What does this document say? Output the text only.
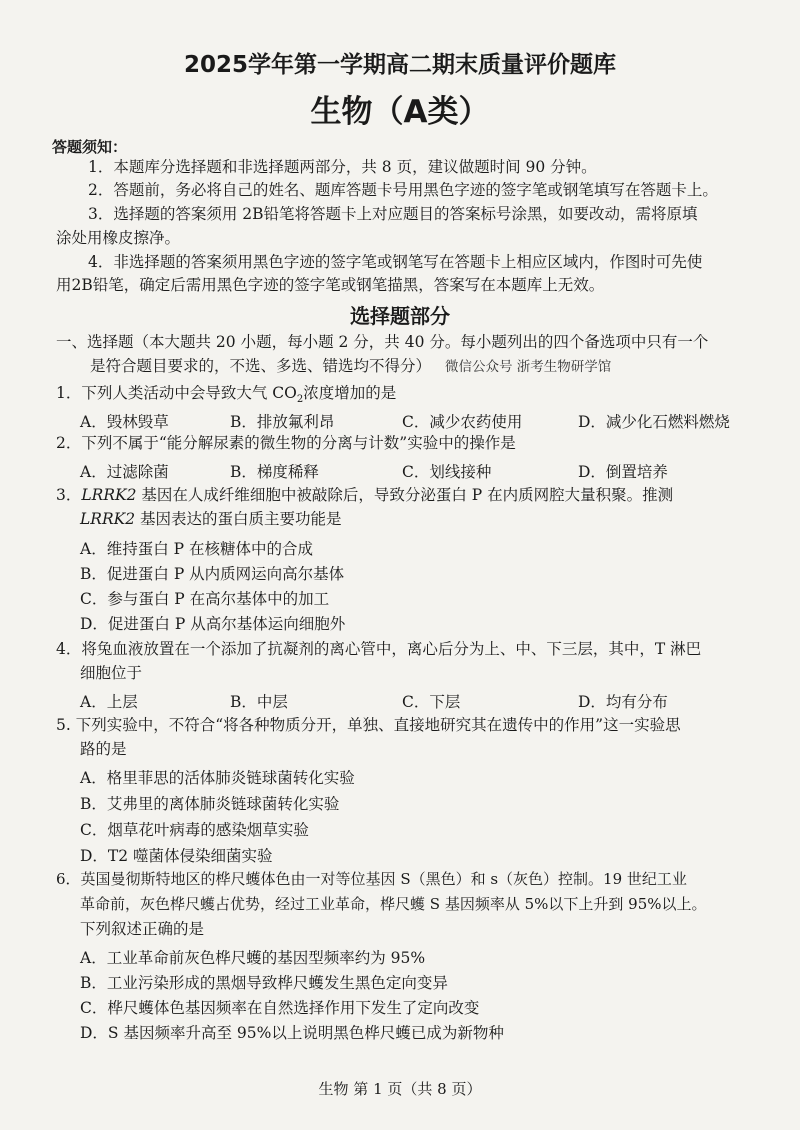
2025学年第一学期高二期末质量评价题库
生物（A类）
答题须知：
1．本题库分选择题和非选择题两部分，共 8 页，建议做题时间 90 分钟。
2．答题前，务必将自己的姓名、题库答题卡号用黑色字迹的签字笔或钢笔填写在答题卡上。
3．选择题的答案须用 2B铅笔将答题卡上对应题目的答案标号涂黑，如要改动，需将原填
涂处用橡皮擦净。
4．非选择题的答案须用黑色字迹的签字笔或钢笔写在答题卡上相应区域内，作图时可先使
用2B铅笔，确定后需用黑色字迹的签字笔或钢笔描黑，答案写在本题库上无效。
选择题部分
一、选择题（本大题共 20 小题，每小题 2 分，共 40 分。每小题列出的四个备选项中只有一个
是符合题目要求的，不选、多选、错选均不得分） 微信公众号 浙考生物研学馆
1．下列人类活动中会导致大气 $CO_2$浓度增加的是
A．毁林毁草	B．排放氟利昂	C．减少农药使用	D．减少化石燃料燃烧
2．下列不属于“能分解尿素的微生物的分离与计数”实验中的操作是
A．过滤除菌	B．梯度稀释	C．划线接种	D．倒置培养
3．LRRK2 基因在人成纤维细胞中被敲除后，导致分泌蛋白 P 在内质网腔大量积聚。推测
LRRK2 基因表达的蛋白质主要功能是
A．维持蛋白 P 在核糖体中的合成
B．促进蛋白 P 从内质网运向高尔基体
C．参与蛋白 P 在高尔基体中的加工
D．促进蛋白 P 从高尔基体运向细胞外
4．将兔血液放置在一个添加了抗凝剂的离心管中，离心后分为上、中、下三层，其中，T 淋巴
细胞位于
A．上层	B．中层	C．下层	D．均有分布
5. 下列实验中，不符合“将各种物质分开，单独、直接地研究其在遗传中的作用”这一实验思
路的是
A．格里菲思的活体肺炎链球菌转化实验
B．艾弗里的离体肺炎链球菌转化实验
C．烟草花叶病毒的感染烟草实验
D．T2 噬菌体侵染细菌实验
6．英国曼彻斯特地区的桦尺蠖体色由一对等位基因 S（黑色）和 s（灰色）控制。19 世纪工业
革命前，灰色桦尺蠖占优势，经过工业革命，桦尺蠖 S 基因频率从 5%以下上升到 95%以上。
下列叙述正确的是
A．工业革命前灰色桦尺蠖的基因型频率约为 95%
B．工业污染形成的黑烟导致桦尺蠖发生黑色定向变异
C．桦尺蠖体色基因频率在自然选择作用下发生了定向改变
D．S 基因频率升高至 95%以上说明黑色桦尺蠖已成为新物种
生物 第 1 页（共 8 页）
